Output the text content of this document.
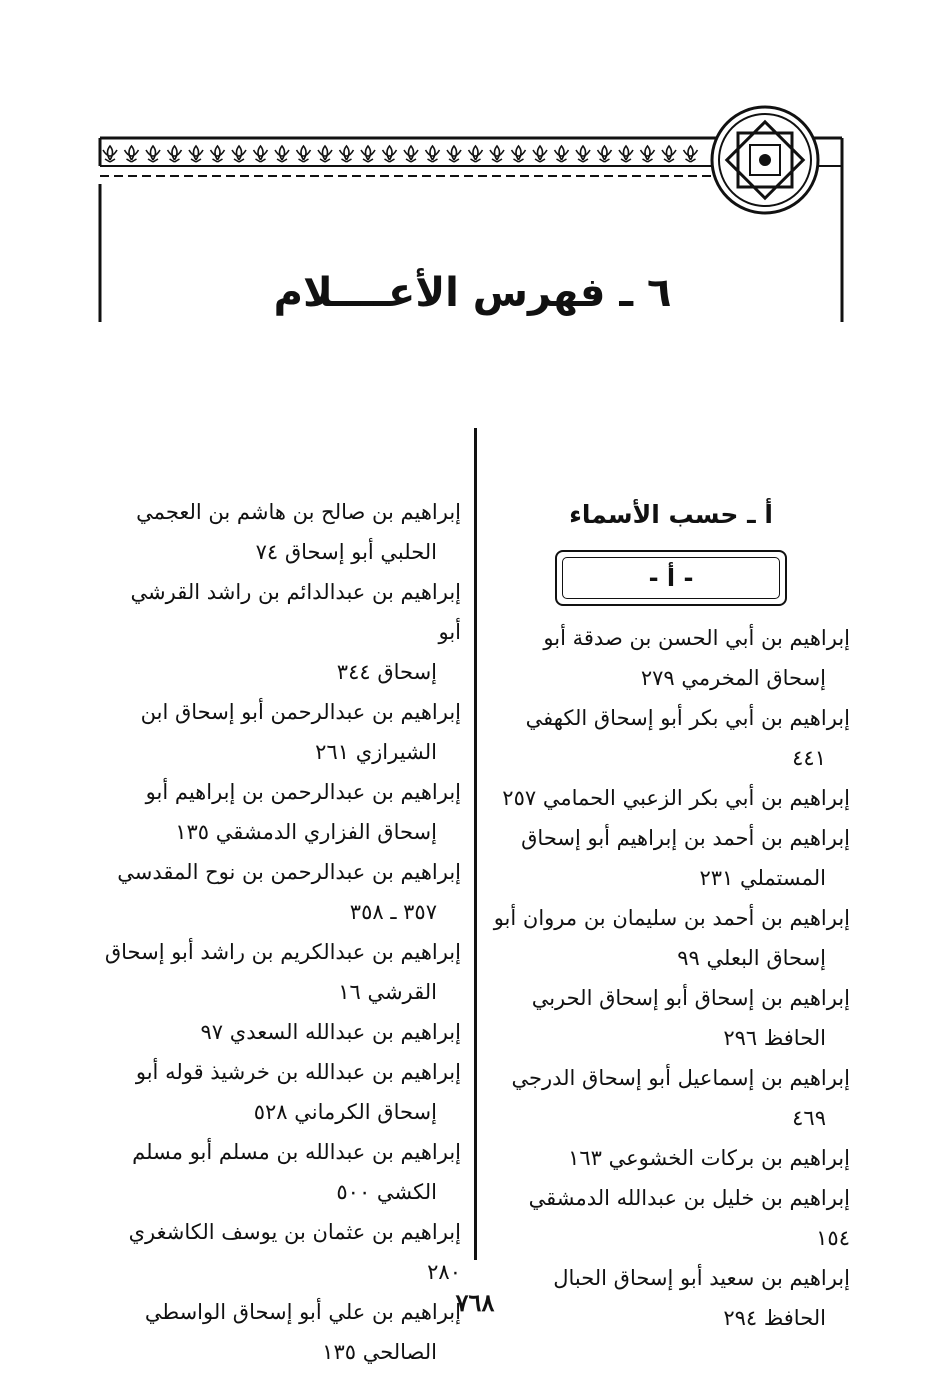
٦ ـ فهرس الأعــــلام
أ ـ حسب الأسماء
- أ -
إبراهيم بن أبي الحسن بن صدقة أبو
إسحاق المخرمي ٢٧٩
إبراهيم بن أبي بكر أبو إسحاق الكهفي
٤٤١
إبراهيم بن أبي بكر الزعبي الحمامي ٢٥٧
إبراهيم بن أحمد بن إبراهيم أبو إسحاق
المستملي ٢٣١
إبراهيم بن أحمد بن سليمان بن مروان أبو
إسحاق البعلي ٩٩
إبراهيم بن إسحاق أبو إسحاق الحربي
الحافظ ٢٩٦
إبراهيم بن إسماعيل أبو إسحاق الدرجي
٤٦٩
إبراهيم بن بركات الخشوعي ١٦٣
إبراهيم بن خليل بن عبدالله الدمشقي ١٥٤
إبراهيم بن سعيد أبو إسحاق الحبال
الحافظ ٢٩٤
إبراهيم بن صالح بن هاشم بن العجمي
الحلبي أبو إسحاق ٧٤
إبراهيم بن عبدالدائم بن راشد القرشي أبو
إسحاق ٣٤٤
إبراهيم بن عبدالرحمن أبو إسحاق ابن
الشيرازي ٢٦١
إبراهيم بن عبدالرحمن بن إبراهيم أبو
إسحاق الفزاري الدمشقي ١٣٥
إبراهيم بن عبدالرحمن بن نوح المقدسي
٣٥٧ ـ ٣٥٨
إبراهيم بن عبدالكريم بن راشد أبو إسحاق
القرشي ١٦
إبراهيم بن عبدالله السعدي ٩٧
إبراهيم بن عبدالله بن خرشيذ قوله أبو
إسحاق الكرماني ٥٢٨
إبراهيم بن عبدالله بن مسلم أبو مسلم
الكشي ٥٠٠
إبراهيم بن عثمان بن يوسف الكاشغري ٢٨٠
إبراهيم بن علي أبو إسحاق الواسطي
الصالحي ١٣٥
٧٦٨
